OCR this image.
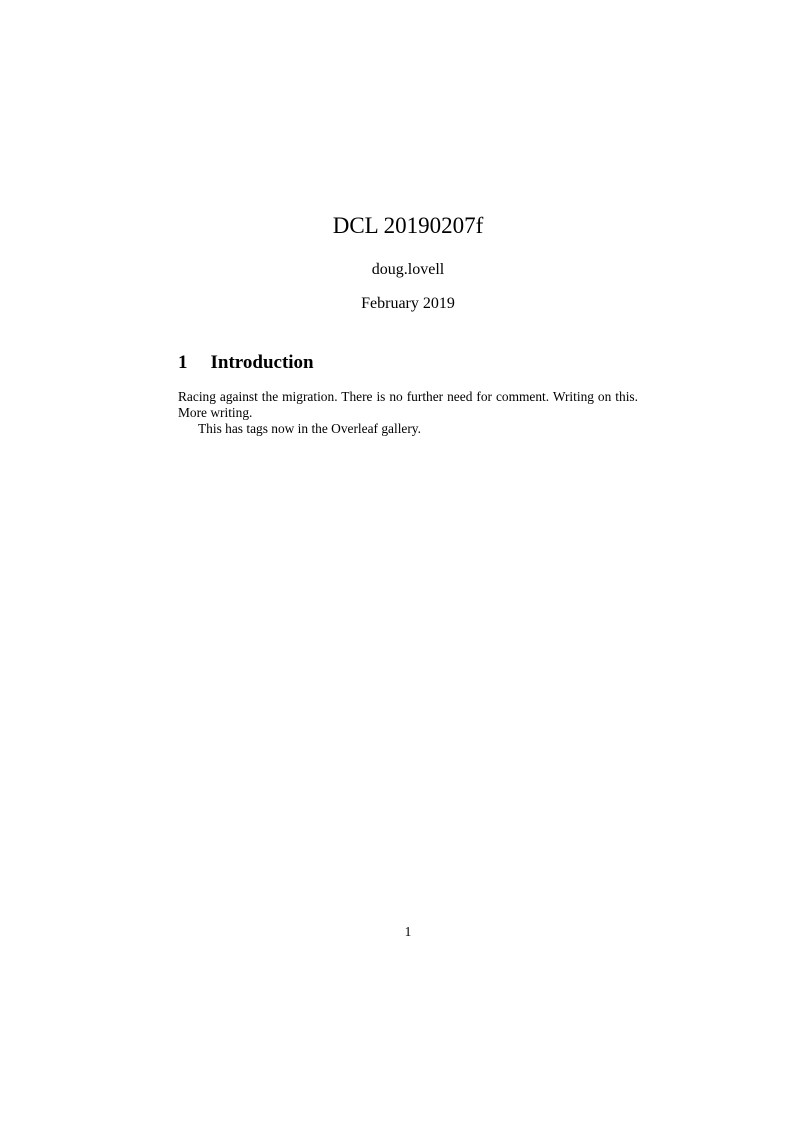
DCL 20190207f
doug.lovell
February 2019
1 Introduction

Racing against the migration. There is no further need for comment. Writing on this. More writing.

This has tags now in the Overleaf gallery.

1
